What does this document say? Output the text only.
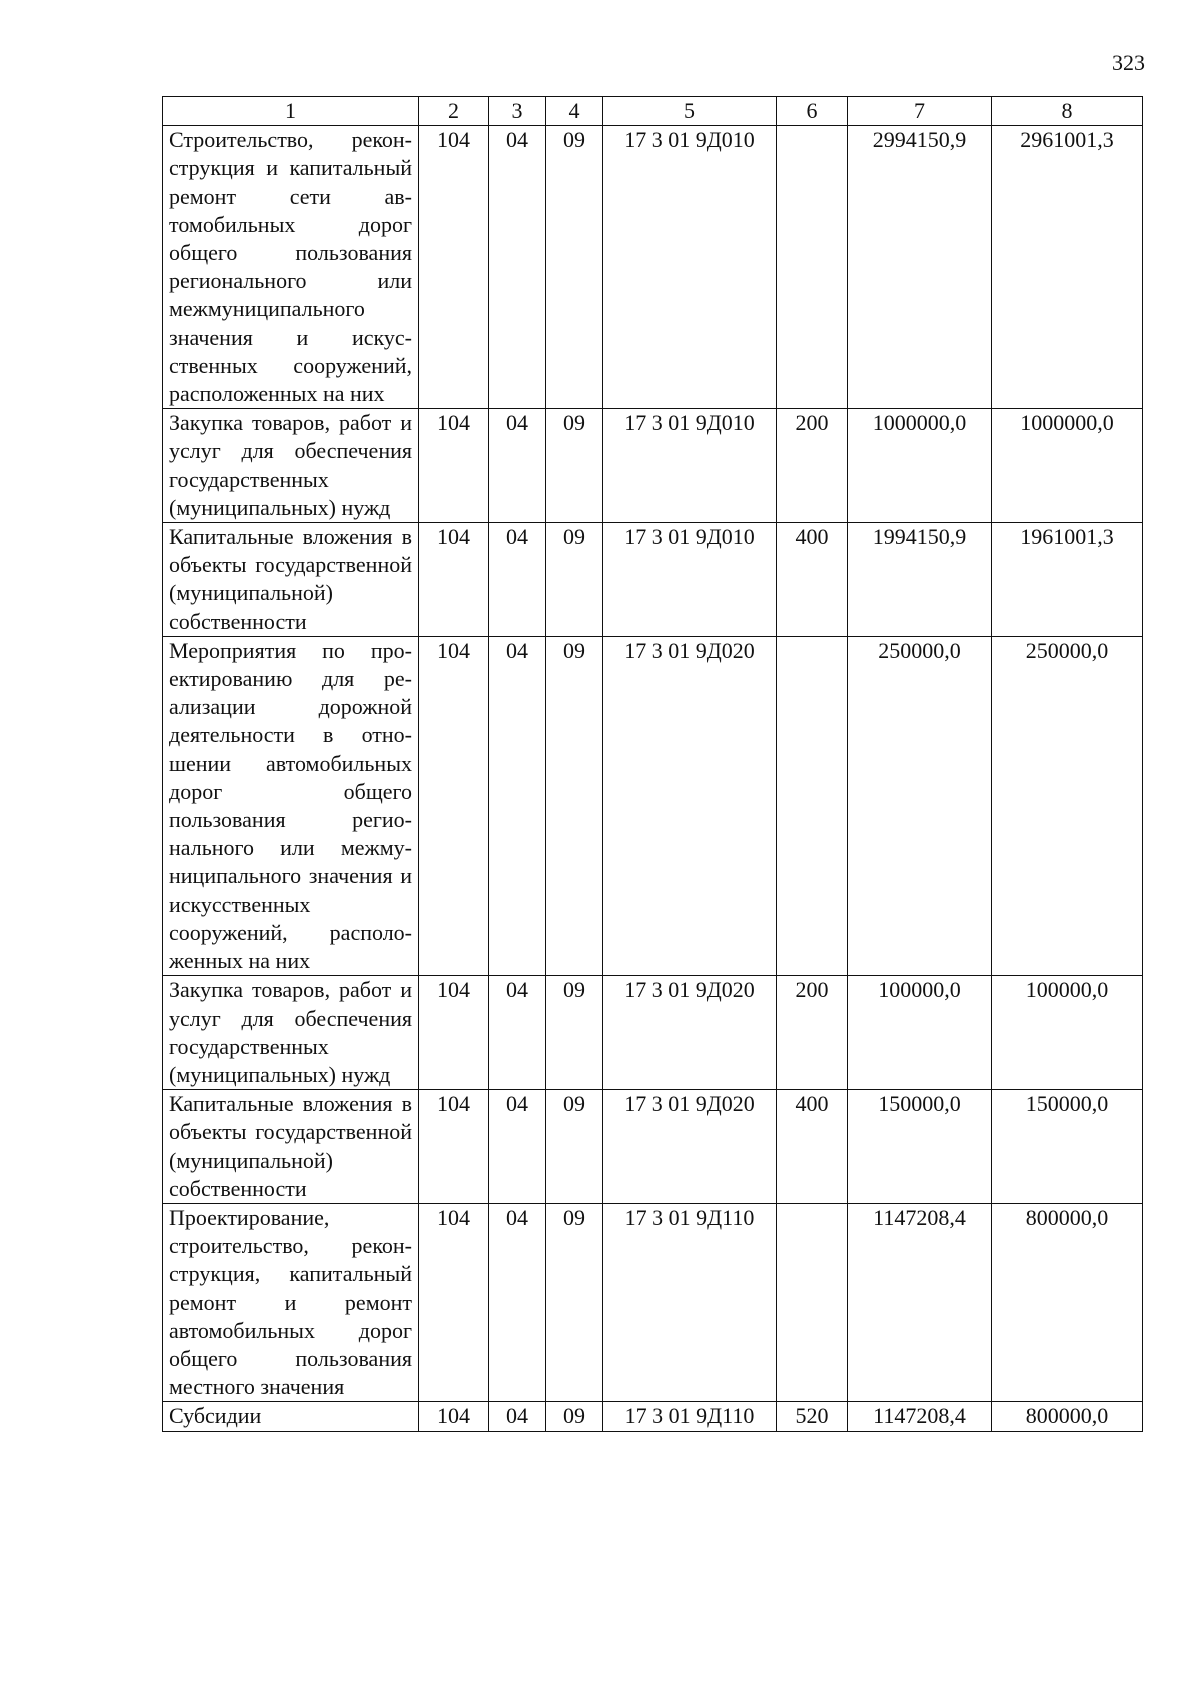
323
1	2	3	4	5	6	7	8
Строительство, реконструкция и капитальный ремонт сети автомобильных дорог общего пользования регионального или межмуниципального значения и искусственных сооружений, расположенных на них	104	04	09	17 3 01 9Д010		2994150,9	2961001,3
Закупка товаров, работ и услуг для обеспечения государственных (муниципальных) нужд	104	04	09	17 3 01 9Д010	200	1000000,0	1000000,0
Капитальные вложения в объекты государственной (муниципальной) собственности	104	04	09	17 3 01 9Д010	400	1994150,9	1961001,3
Мероприятия по проектированию для реализации дорожной деятельности в отношении автомобильных дорог общего пользования регионального или межмуниципального значения и искусственных сооружений, расположенных на них	104	04	09	17 3 01 9Д020		250000,0	250000,0
Закупка товаров, работ и услуг для обеспечения государственных (муниципальных) нужд	104	04	09	17 3 01 9Д020	200	100000,0	100000,0
Капитальные вложения в объекты государственной (муниципальной) собственности	104	04	09	17 3 01 9Д020	400	150000,0	150000,0
Проектирование, строительство, реконструкция, капитальный ремонт и ремонт автомобильных дорог общего пользования местного значения	104	04	09	17 3 01 9Д110		1147208,4	800000,0
Субсидии	104	04	09	17 3 01 9Д110	520	1147208,4	800000,0
